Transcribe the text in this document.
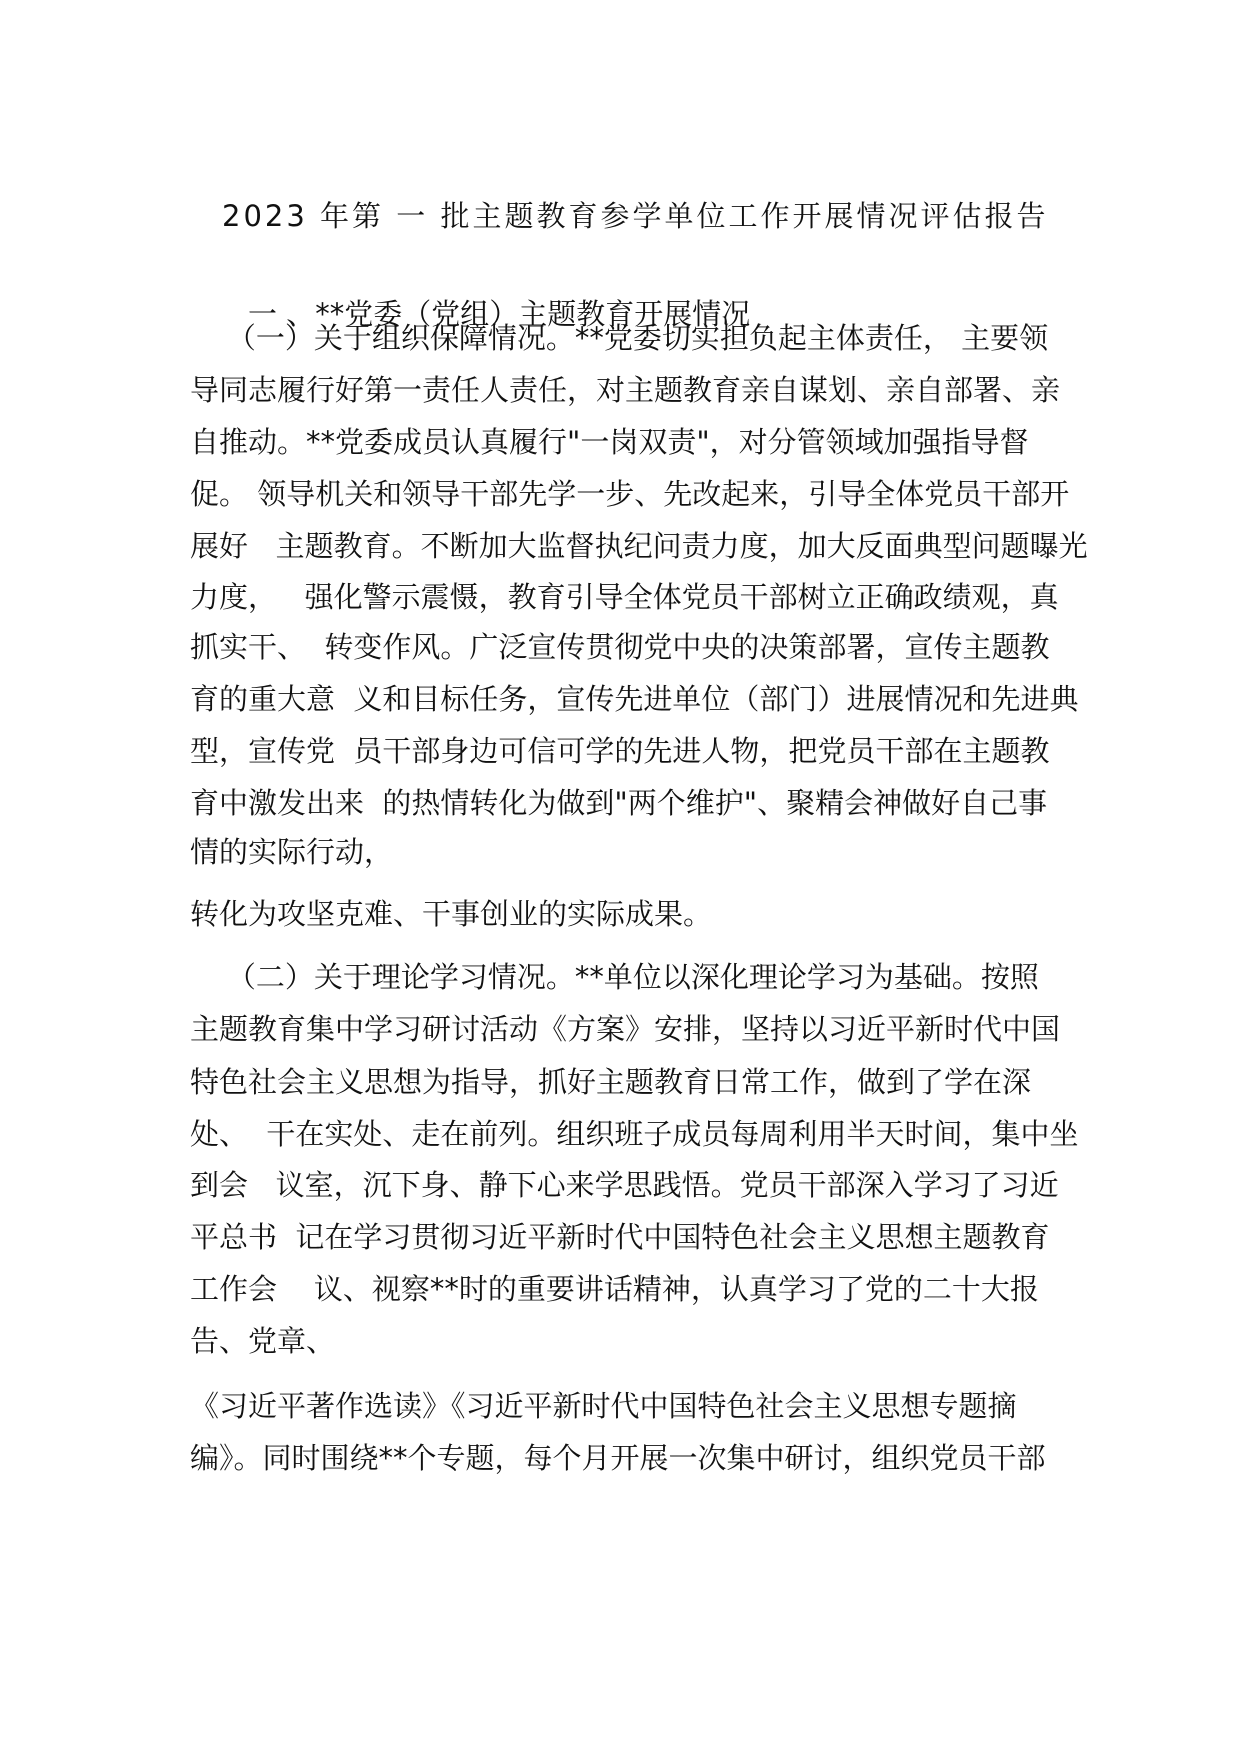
2023 年第 一 批主题教育参学单位工作开展情况评估报告
一 、**党委（党组）主题教育开展情况
（一）关于组织保障情况。**党委切实担负起主体责任， 主要领
导同志履行好第一责任人责任，对主题教育亲自谋划、亲自部署、亲
自推动。**党委成员认真履行"一岗双责"，对分管领域加强指导督
促。 领导机关和领导干部先学一步、先改起来，引导全体党员干部开
展好   主题教育。不断加大监督执纪问责力度，加大反面典型问题曝光
力度，   强化警示震慑，教育引导全体党员干部树立正确政绩观，真
抓实干、  转变作风。广泛宣传贯彻党中央的决策部署，宣传主题教
育的重大意  义和目标任务，宣传先进单位（部门）进展情况和先进典
型，宣传党  员干部身边可信可学的先进人物，把党员干部在主题教
育中激发出来  的热情转化为做到"两个维护"、聚精会神做好自己事
情的实际行动，
转化为攻坚克难、干事创业的实际成果。
（二）关于理论学习情况。**单位以深化理论学习为基础。按照
主题教育集中学习研讨活动《方案》安排，坚持以习近平新时代中国
特色社会主义思想为指导，抓好主题教育日常工作，做到了学在深
处、  干在实处、走在前列。组织班子成员每周利用半天时间，集中坐
到会   议室，沉下身、静下心来学思践悟。党员干部深入学习了习近
平总书  记在学习贯彻习近平新时代中国特色社会主义思想主题教育
工作会    议、视察**时的重要讲话精神，认真学习了党的二十大报
告、党章、
《习近平著作选读》《习近平新时代中国特色社会主义思想专题摘
编》。同时围绕**个专题，每个月开展一次集中研讨，组织党员干部
